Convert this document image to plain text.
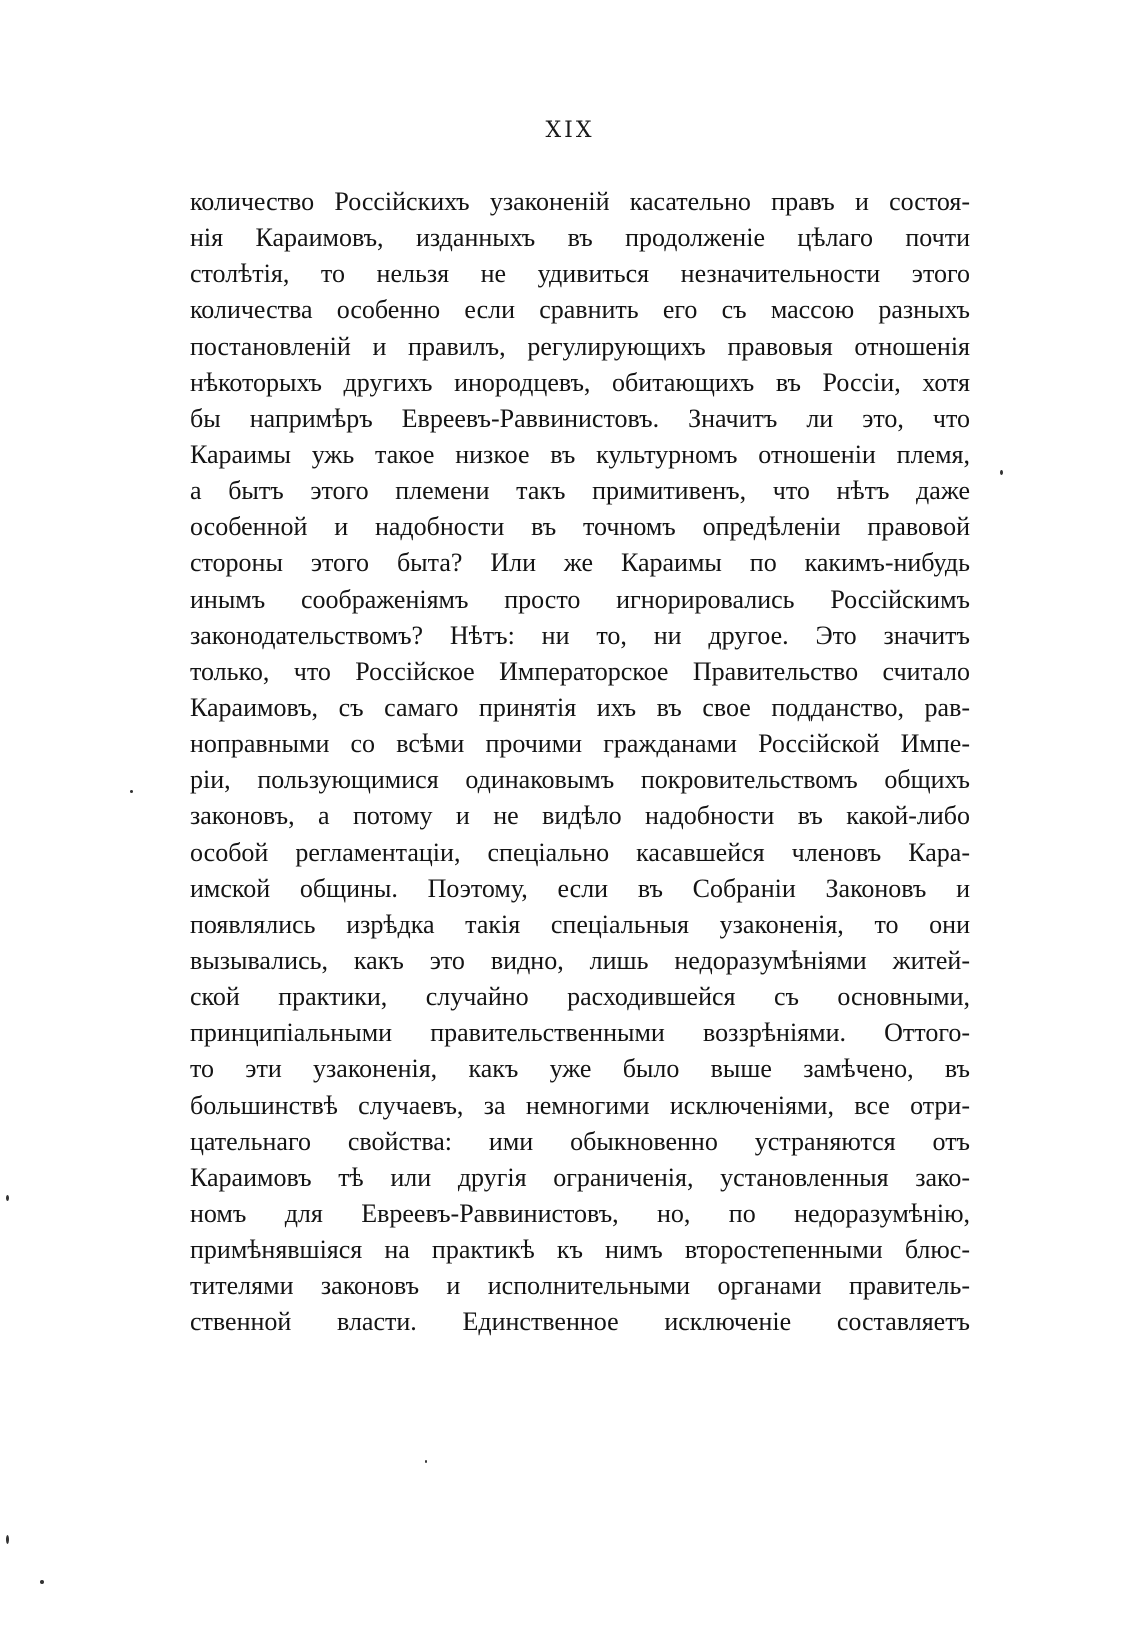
XIX
количество Россійскихъ узаконеній касательно правъ и состоя-
нія Караимовъ, изданныхъ въ продолженіе цѣлаго почти
столѣтія, то нельзя не удивиться незначительности этого
количества особенно если сравнить его съ массою разныхъ
постановленій и правилъ, регулирующихъ правовыя отношенія
нѣкоторыхъ другихъ инородцевъ, обитающихъ въ Россіи, хотя
бы напримѣръ Евреевъ-Раввинистовъ. Значитъ ли это, что
Караимы ужь такое низкое въ культурномъ отношеніи племя,
а бытъ этого племени такъ примитивенъ, что нѣтъ даже
особенной и надобности въ точномъ опредѣленіи правовой
стороны этого быта? Или же Караимы по какимъ-нибудь
инымъ соображеніямъ просто игнорировались Россійскимъ
законодательствомъ? Нѣтъ: ни то, ни другое. Это значитъ
только, что Россійское Императорское Правительство считало
Караимовъ, съ самаго принятія ихъ въ свое подданство, рав-
ноправными со всѣми прочими гражданами Россійской Импе-
ріи, пользующимися одинаковымъ покровительствомъ общихъ
законовъ, а потому и не видѣло надобности въ какой-либо
особой регламентаціи, спеціально касавшейся членовъ Кара-
имской общины. Поэтому, если въ Собраніи Законовъ и
появлялись изрѣдка такія спеціальныя узаконенія, то они
вызывались, какъ это видно, лишь недоразумѣніями житей-
ской практики, случайно расходившейся съ основными,
принципіальными правительственными воззрѣніями. Оттого-
то эти узаконенія, какъ уже было выше замѣчено, въ
большинствѣ случаевъ, за немногими исключеніями, все отри-
цательнаго свойства: ими обыкновенно устраняются отъ
Караимовъ тѣ или другія ограниченія, установленныя зако-
номъ для Евреевъ-Раввинистовъ, но, по недоразумѣнію,
примѣнявшіяся на практикѣ къ нимъ второстепенными блюс-
тителями законовъ и исполнительными органами правитель-
ственной власти. Единственное исключеніе составляетъ
